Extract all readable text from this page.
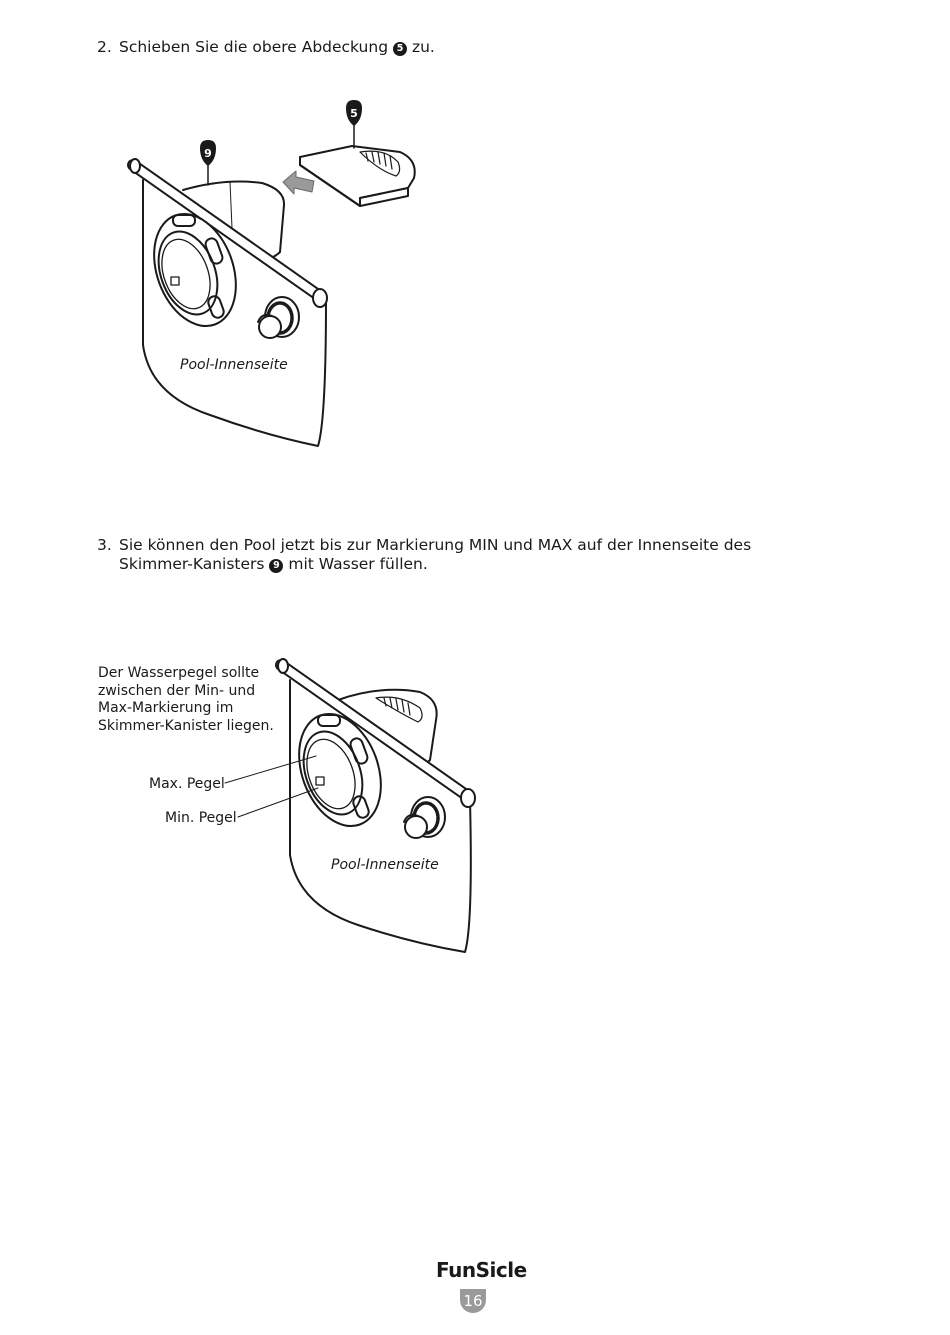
2. Schieben Sie die obere Abdeckung 5 zu.
9
5
Pool-Innenseite
3. Sie können den Pool jetzt bis zur Markierung MIN und MAX auf der Innenseite des
Skimmer-Kanisters 9 mit Wasser füllen.
Der Wasserpegel sollte
zwischen der Min- und
Max-Markierung im
Skimmer-Kanister liegen.
Max. Pegel
Min. Pegel
Pool-Innenseite
FunSicle
16
